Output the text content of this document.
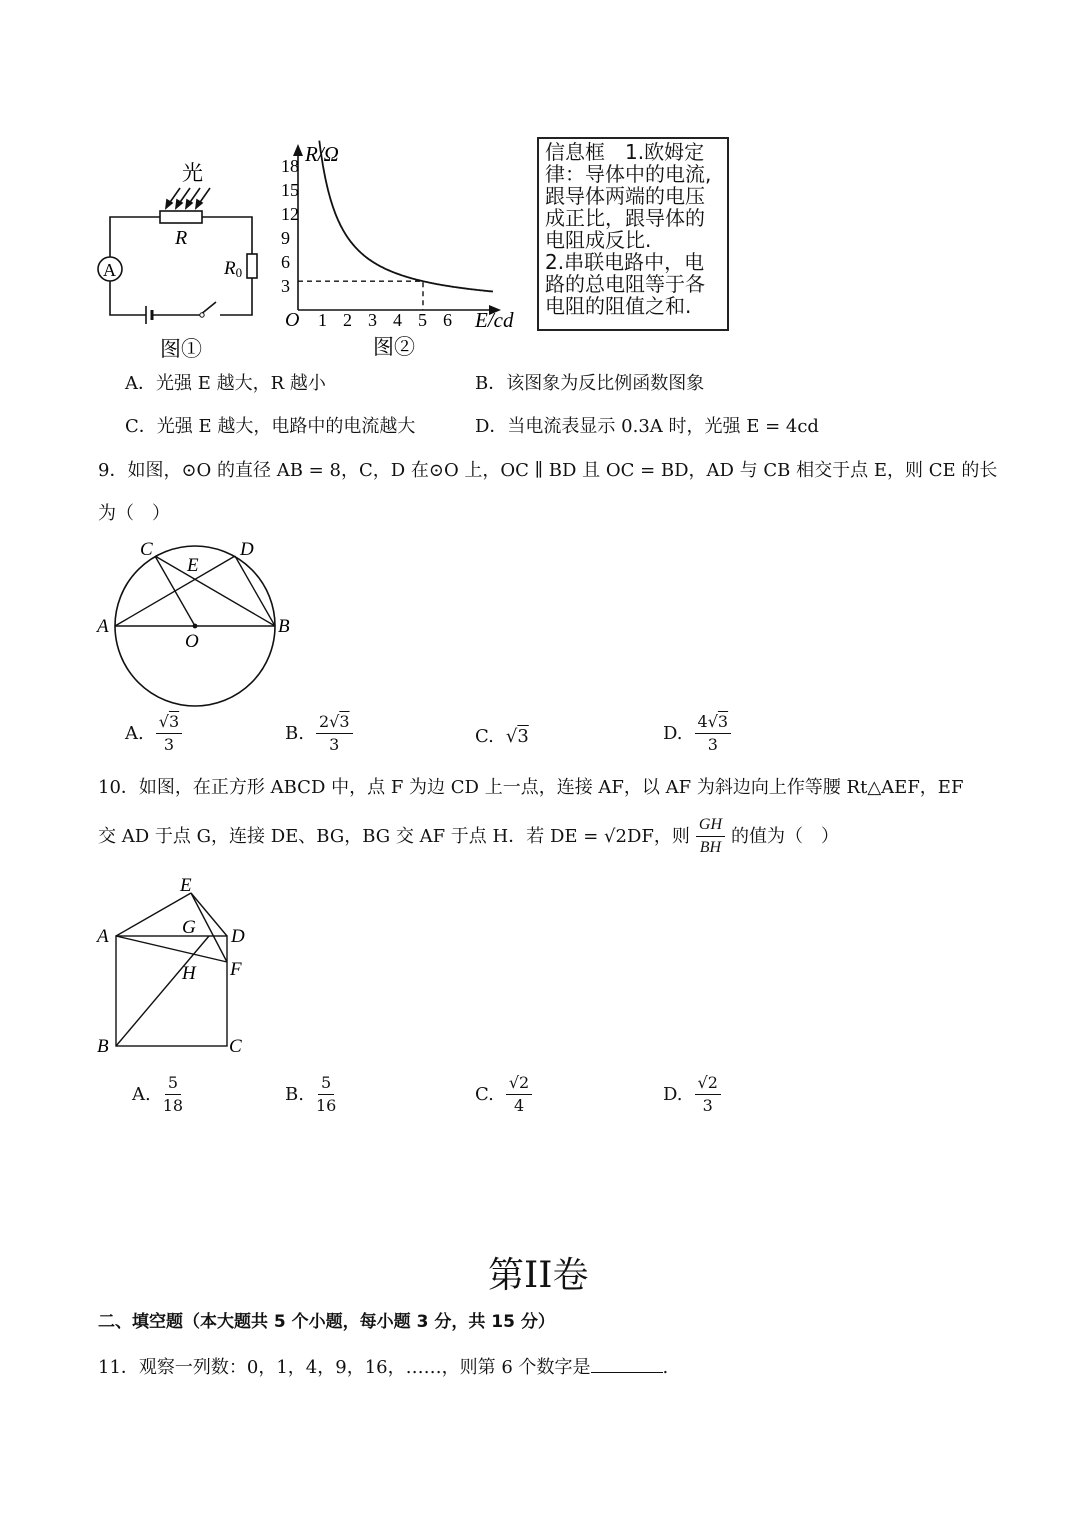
光
R
R0
A
图①
R/Ω
E/cd
O
18
15
12
9
6
3
1 2 3 4 5 6
图②
信息框　1.欧姆定
律：导体中的电流,
跟导体两端的电压
成正比，跟导体的
电阻成反比.
2.串联电路中，电
路的总电阻等于各
电阻的阻值之和.
A．光强 E 越大，R 越小	B．该图象为反比例函数图象
C．光强 E 越大，电路中的电流越大	D．当电流表显示 0.3A 时，光强 E = 4cd
9．如图，⊙O 的直径 AB = 8，C，D 在⊙O 上，OC ∥ BD 且 OC = BD，AD 与 CB 相交于点 E，则 CE 的长
为（　）
A	B
C	D
E
O
A. $\frac{√3}{3}$	B. $\frac{2√3}{3}$	C. √3	D. $\frac{4√3}{3}$
10．如图，在正方形 ABCD 中，点 F 为边 CD 上一点，连接 AF，以 AF 为斜边向上作等腰 Rt△AEF，EF
交 AD 于点 G，连接 DE、BG，BG 交 AF 于点 H．若 DE = √2DF，则 $\frac{GH}{BH}$ 的值为（　）
E
A	G D
F
H
B	C
A. $\frac{5}{18}$	B. $\frac{5}{16}$	C. $\frac{√2}{4}$	D. $\frac{√2}{3}$
第II卷
二、填空题（本大题共 5 个小题，每小题 3 分，共 15 分）
11．观察一列数：0，1，4，9，16，……，则第 6 个数字是	.
